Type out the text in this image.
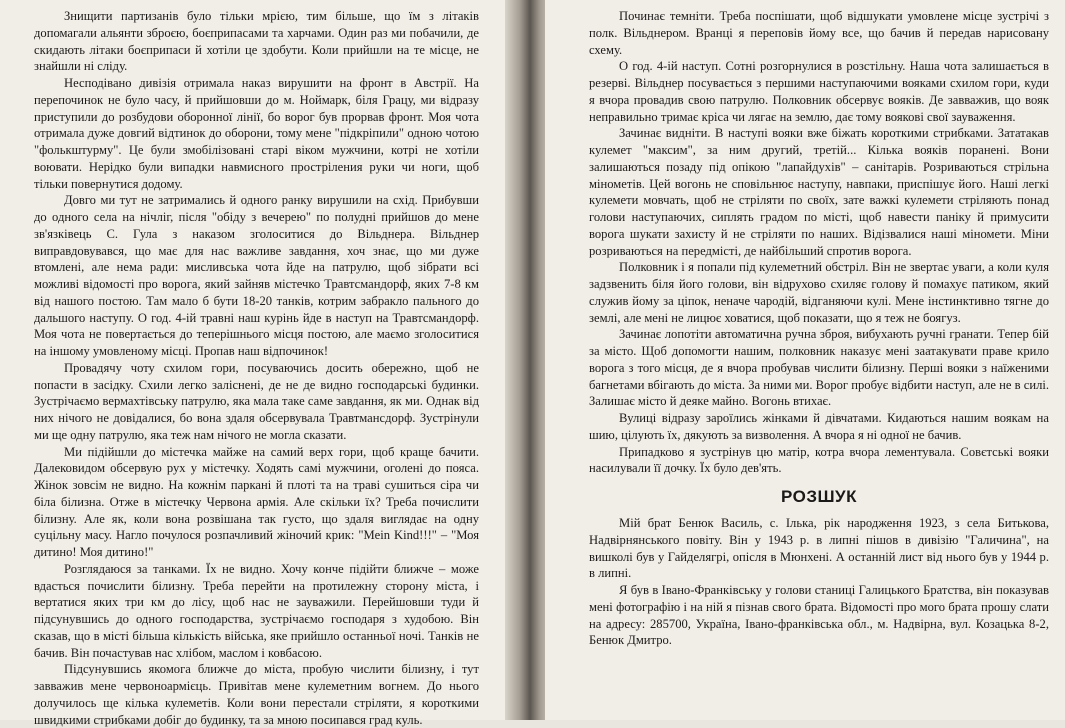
Знищити партизанів було тільки мрією, тим більше, що їм з літаків допомагали альянти зброєю, боєприпасами та харчами. Один раз ми побачили, де скидають літаки боєприпаси й хотіли це здобути. Коли прийшли на те місце, не знайшли ні сліду.

Несподівано дивізія отримала наказ вирушити на фронт в Австрії. На перепочинок не було часу, й прийшовши до м. Ноймарк, біля Грацу, ми відразу приступили до розбудови оборонної лінії, бо ворог був прорвав фронт. Моя чота отримала дуже довгий відтинок до оборони, тому мене "підкріпили" одною чотою "фолькштурму". Це були змобілізовані старі віком мужчини, котрі не хотіли воювати. Нерідко були випадки навмисного простріления руки чи ноги, щоб тільки повернутися додому.

Довго ми тут не затримались й одного ранку вирушили на схід. Прибувши до одного села на нічліг, після "обіду з вечерею" по полудні прийшов до мене зв'язківець С. Гула з наказом зголоситися до Вільднера. Вільднер виправдовувався, що має для нас важливе завдання, хоч знає, що ми дуже втомлені, але нема ради: мисливська чота йде на патрулю, щоб зібрати всі можливі відомості про ворога, який зайняв містечко Травтсмандорф, яких 7-8 км від нашого постою. Там мало б бути 18-20 танків, котрим забракло пального до дальшого наступу. О год. 4-ій травні наш курінь йде в наступ на Травтсмандорф. Моя чота не повертається до теперішнього місця постою, але маємо зголоситися на іншому умовленому місці. Пропав наш відпочинок!

Провадячу чоту схилом гори, посуваючись досить обережно, щоб не попасти в засідку. Схили легко заліснені, де не де видно господарські будинки. Зустрічаємо вермахтівську патрулю, яка мала таке саме завдання, як ми. Однак від них нічого не довідалися, бо вона здаля обсервувала Травтмансдорф. Зустрінули ми ще одну патрулю, яка теж нам нічого не могла сказати.

Ми підійшли до містечка майже на самий верх гори, щоб краще бачити. Далековидом обсервую рух у містечку. Ходять самі мужчини, оголені до пояса. Жінок зовсім не видно. На кожнім паркані й плоті та на траві сушиться сіра чи біла білизна. Отже в містечку Червона армія. Але скільки їх? Треба почислити білизну. Але як, коли вона розвішана так густо, що здаля виглядає на одну суцільну масу. Нагло почулося розпачливий жіночий крик: "Mein Kind!!!" – "Моя дитино! Моя дитино!"

Розглядаюся за танками. Їх не видно. Хочу конче підійти ближче – може вдасться почислити білизну. Треба перейти на протилежну сторону міста, і вертатися яких три км до лісу, щоб нас не зауважили. Перейшовши туди й підсунувшись до одного господарства, зустрічаємо господаря з худобою. Він сказав, що в місті більша кількість війська, яке прийшло останньої ночі. Танків не бачив. Він почастував нас хлібом, маслом і ковбасою.

Підсунувшись якомога ближче до міста, пробую числити білизну, і тут завважив мене червоноармієць. Привітав мене кулеметним вогнем. До нього долучилось ще кілька кулеметів. Коли вони перестали стріляти, я короткими швидкими стрибками добіг до будинку, та за мною посипався град куль.

Починає темніти. Треба поспішати, щоб відшукати умовлене місце зустрічі з полк. Вільднером. Вранці я переповів йому все, що бачив й передав нарисовану схему.

О год. 4-ій наступ. Сотні розгорнулися в розстільну. Наша чота залишається в резерві. Вільднер посувається з першими наступаючими вояками схилом гори, куди я вчора провадив свою патрулю. Полковник обсервує вояків. Де завважив, що вояк неправильно тримає кріса чи лягає на землю, дає тому воякові свої зауваження.

Зачинає видніти. В наступі вояки вже біжать короткими стрибками. Зататакав кулемет "максим", за ним другий, третій... Кілька вояків поранені. Вони залишаються позаду під опікою "лапайдухів" – санітарів. Розриваються стрільна мінометів. Цей вогонь не сповільнює наступу, навпаки, приспішує його. Наші легкі кулемети мовчать, щоб не стріляти по своїх, зате важкі кулемети стріляють понад голови наступаючих, сиплять градом по місті, щоб навести паніку й примусити ворога шукати захисту й не стріляти по наших. Відізвалися наші міномети. Міни розриваються на передмісті, де найбільший спротив ворога.

Полковник і я попали під кулеметний обстріл. Він не звертає уваги, а коли куля задзвенить біля його голови, він відрухово схиляє голову й помахує патиком, який служив йому за ціпок, неначе чародій, відганяючи кулі. Мене інстинктивно тягне до землі, але мені не лицює ховатися, щоб показати, що я теж не боягуз.

Зачинає лопотіти автоматична ручна зброя, вибухають ручні гранати. Тепер бій за місто. Щоб допомогти нашим, полковник наказує мені заатакувати праве крило ворога з того місця, де я вчора пробував числити білизну. Перші вояки з наїженими багнетами вбігають до міста. За ними ми. Ворог пробує відбити наступ, але не в силі. Залишає місто й деяке майно. Вогонь втихає.

Вулиці відразу зароїлись жінками й дівчатами. Кидаються нашим воякам на шию, цілують їх, дякують за визволення. А вчора я ні одної не бачив.

Припадково я зустрінув цю матір, котра вчора лементувала. Совєтські вояки насилували її дочку. Їх було дев'ять.

РОЗШУК

Мій брат Бенюк Василь, с. Ілька, рік народження 1923, з села Битькова, Надвірнянського повіту. Він у 1943 р. в липні пішов в дивізію "Галичина", на вишколі був у Гайделягрі, опісля в Мюнхені. А останній лист від нього був у 1944 р. в липні.

Я був в Івано-Франківську у голови станиці Галицького Братства, він показував мені фотографію і на ній я пізнав свого брата. Відомості про мого брата прошу слати на адресу: 285700, Україна, Івано-франківська обл., м. Надвірна, вул. Козацька 8-2, Бенюк Дмитро.
